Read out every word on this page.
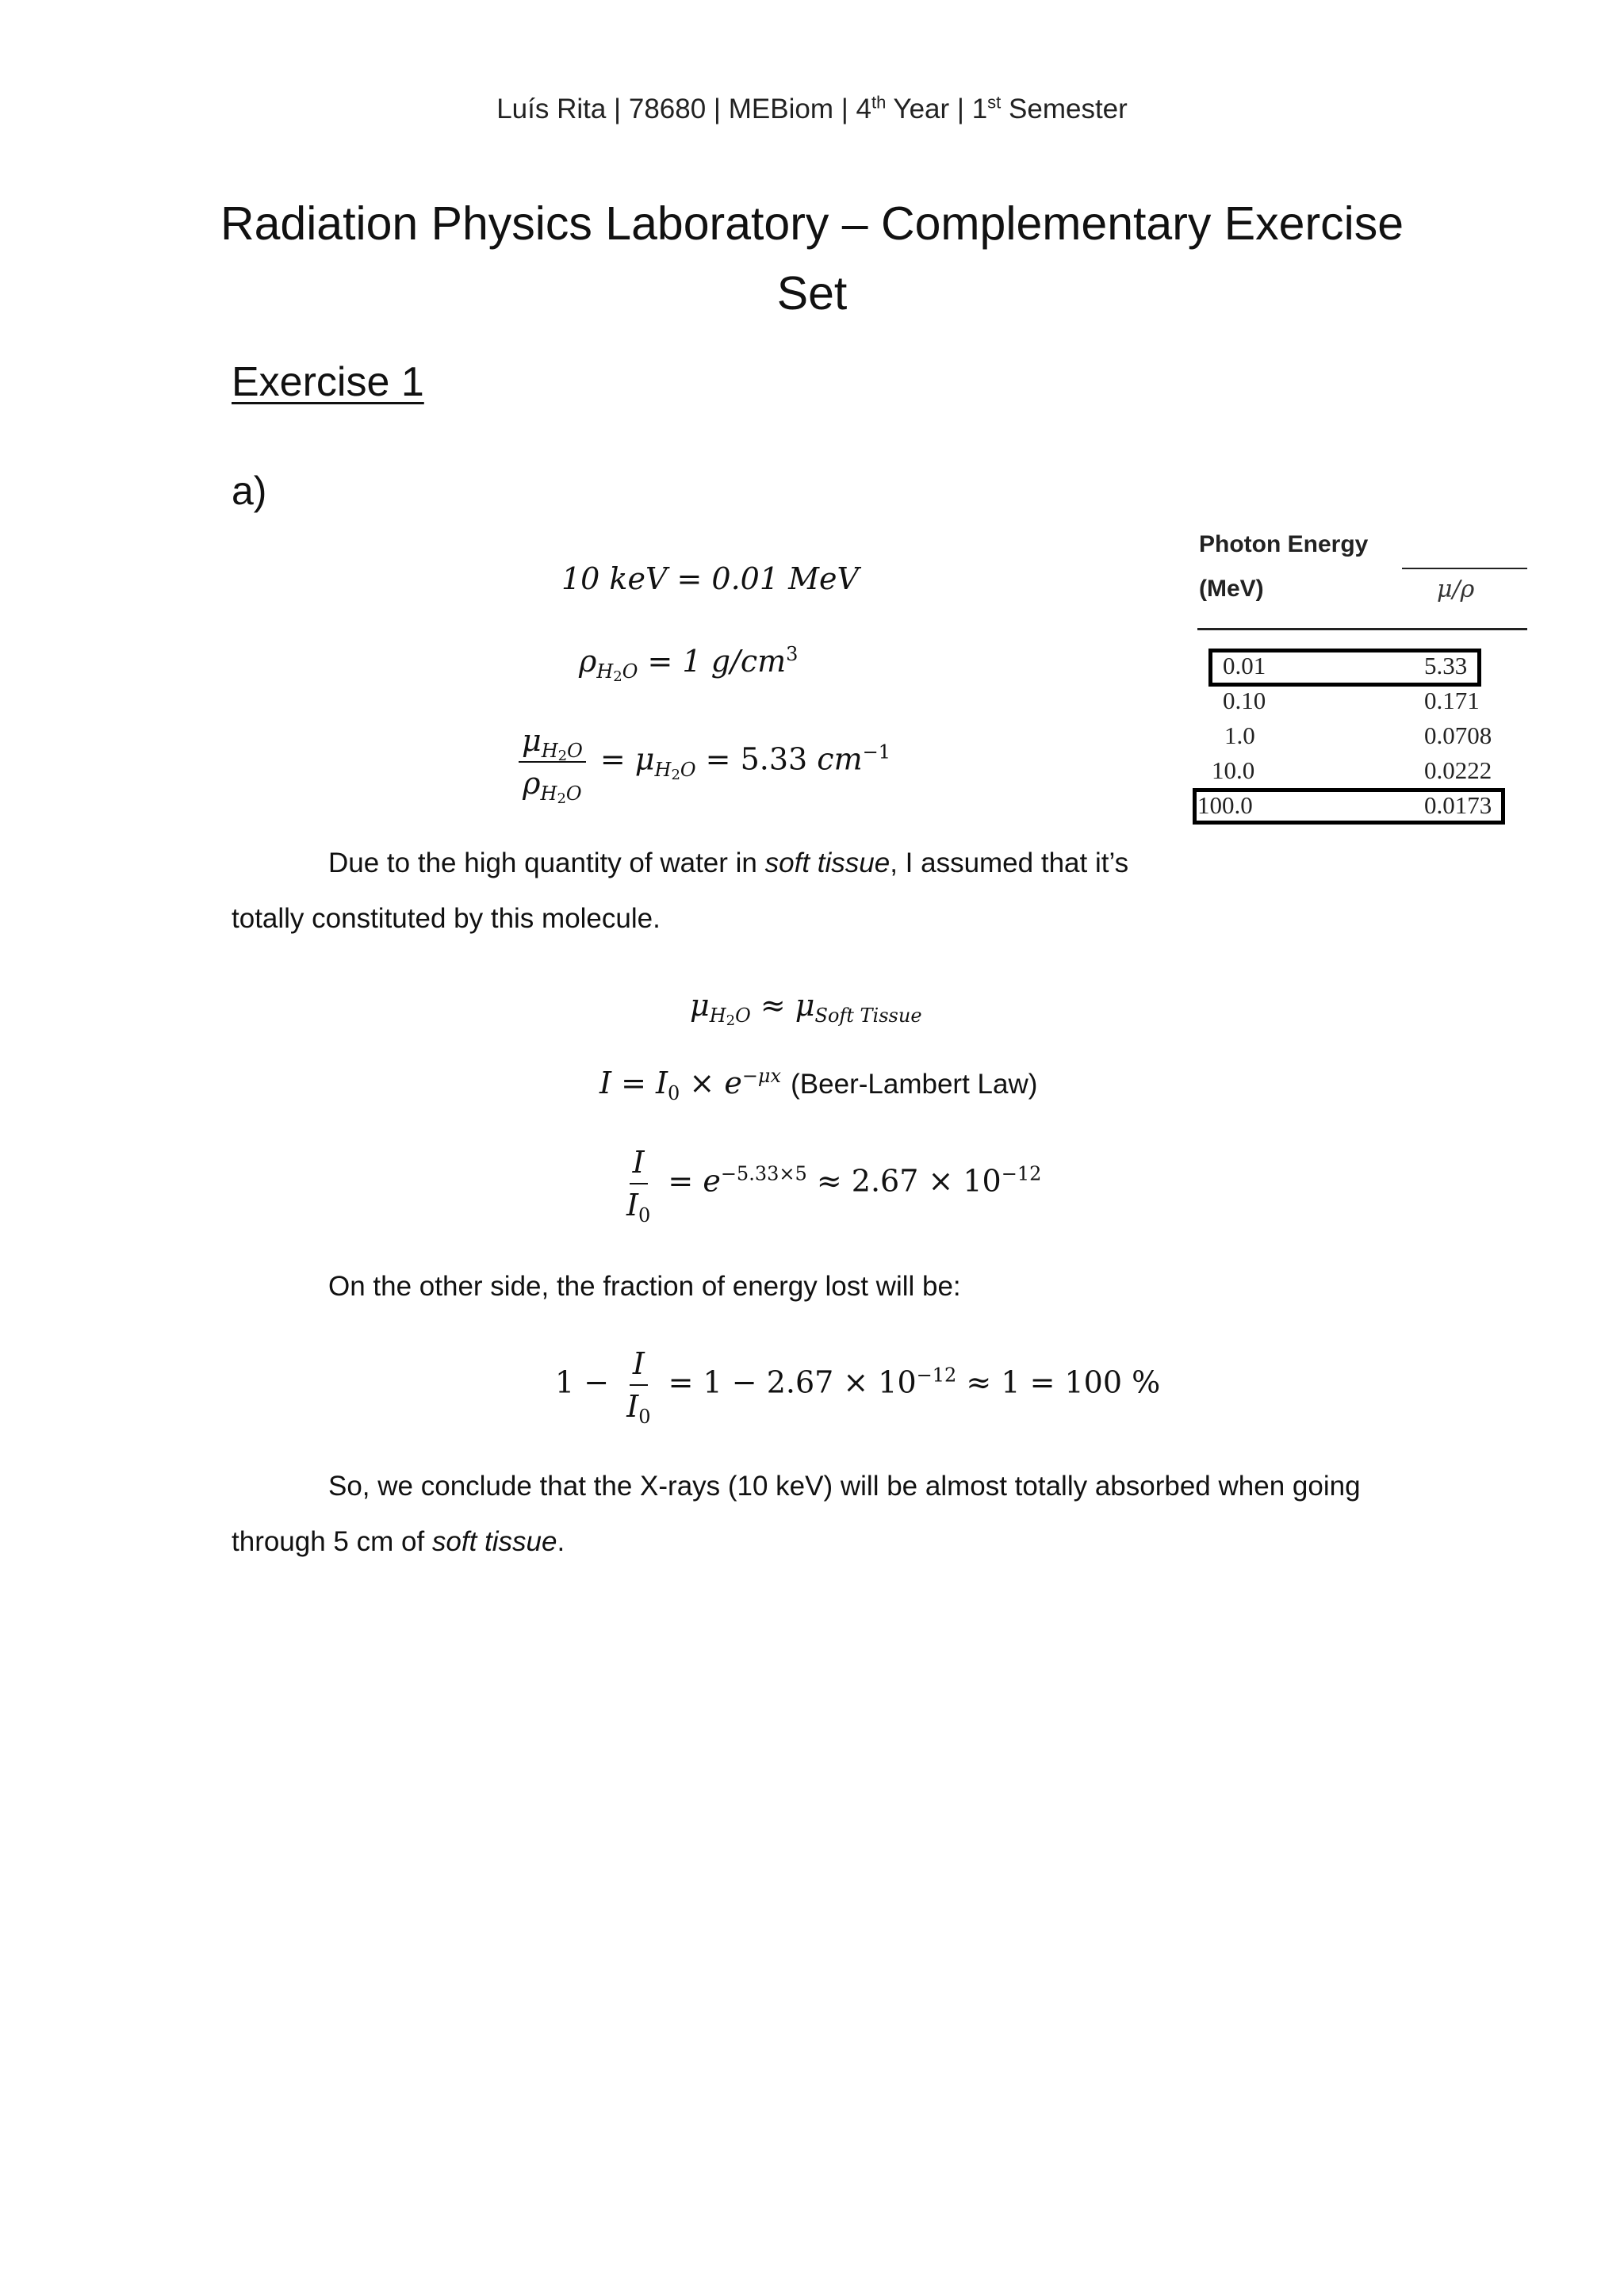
Luís Rita | 78680 | MEBiom | 4th Year | 1st Semester
Radiation Physics Laboratory – Complementary Exercise
Set
Exercise 1
a)
10 keV = 0.01 MeV
$\rho_{H_2O} = 1$ $g/cm^3$
$\frac{\mu_{H_2O}}{\rho_{H_2O}} = \mu_{H_2O} = 5.33$ $cm^{-1}$
Due to the high quantity of water in soft tissue, I assumed that it’s
totally constituted by this molecule.
$\mu_{H_2O} \approx \mu_{Soft Tissue}$
$I = I_0 \times e^{-\mu x}$ (Beer-Lambert Law)
$\frac{I}{I_0} = e^{-5.33\times 5} \approx 2.67 \times 10^{-12}$
On the other side, the fraction of energy lost will be:
$1 - \frac{I}{I_0} = 1 - 2.67 \times 10^{-12} \approx 1 = 100$ %
So, we conclude that the X-rays (10 keV) will be almost totally absorbed when going
through 5 cm of soft tissue.
Photon Energy
(MeV)	μ/ρ
0.01	5.33
0.10	0.171
1.0	0.0708
10.0	0.0222
100.0	0.0173
